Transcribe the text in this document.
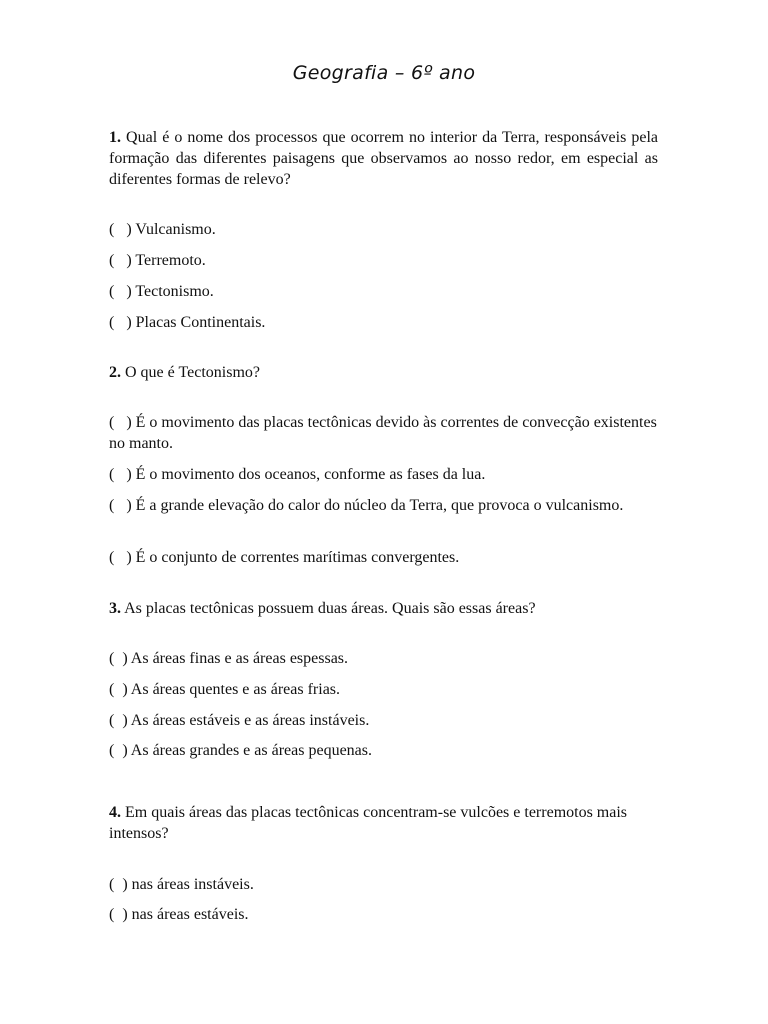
Geografia – 6º ano
1. Qual é o nome dos processos que ocorrem no interior da Terra, responsáveis pela formação das diferentes paisagens que observamos ao nosso redor, em especial as diferentes formas de relevo?
(   ) Vulcanismo.
(   ) Terremoto.
(   ) Tectonismo.
(   ) Placas Continentais.
2. O que é Tectonismo?
(   ) É o movimento das placas tectônicas devido às correntes de convecção existentes no manto.
(   ) É o movimento dos oceanos, conforme as fases da lua.
(   ) É a grande elevação do calor do núcleo da Terra, que provoca o vulcanismo.
(   ) É o conjunto de correntes marítimas convergentes.
3. As placas tectônicas possuem duas áreas. Quais são essas áreas?
(  ) As áreas finas e as áreas espessas.
(  ) As áreas quentes e as áreas frias.
(  ) As áreas estáveis e as áreas instáveis.
(  ) As áreas grandes e as áreas pequenas.
4. Em quais áreas das placas tectônicas concentram-se vulcões e terremotos mais intensos?
(  ) nas áreas instáveis.
(  ) nas áreas estáveis.
